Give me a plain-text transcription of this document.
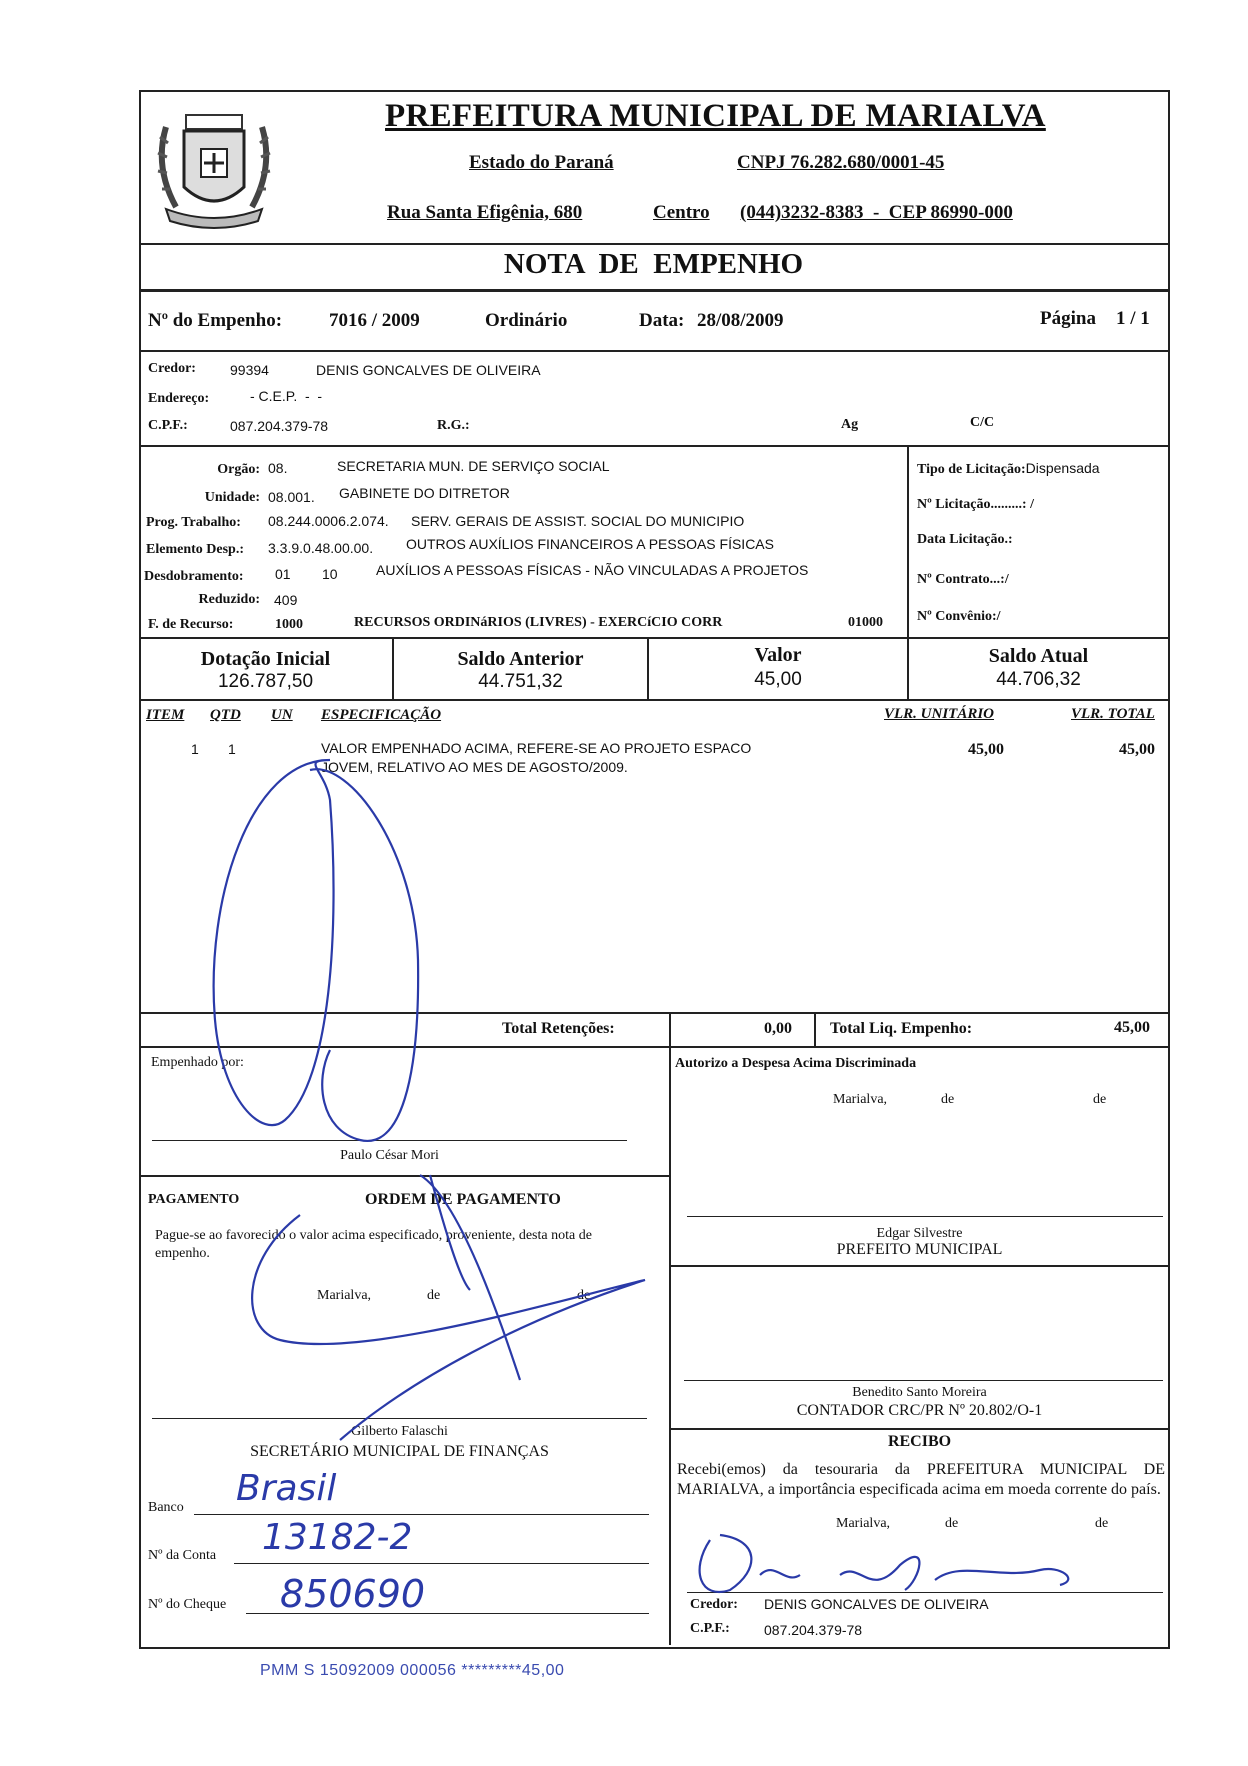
PREFEITURA MUNICIPAL DE MARIALVA
Estado do Paraná	CNPJ 76.282.680/0001-45
Rua Santa Efigênia, 680	Centro (044)3232-8383  -  CEP 86990-000
NOTA  DE  EMPENHO
Nº do Empenho: 7016 / 2009	Ordinário	Data: 28/08/2009	Página 1 / 1
Credor: 99394	DENIS GONCALVES DE OLIVEIRA
Endereço:	- C.E.P.  -  -
C.P.F.:	087.204.379-78	R.G.:	Ag	C/C
Orgão: 08.	SECRETARIA MUN. DE SERVIÇO SOCIAL
Unidade: 08.001. GABINETE DO DITRETOR
Prog. Trabalho: 08.244.0006.2.074. SERV. GERAIS DE ASSIST. SOCIAL DO MUNICIPIO
Elemento Desp.: 3.3.9.0.48.00.00. OUTROS AUXÍLIOS FINANCEIROS A PESSOAS FÍSICAS
Desdobramento: 01 10	AUXÍLIOS A PESSOAS FÍSICAS - NÃO VINCULADAS A PROJETOS
Reduzido: 409
F. de Recurso:	1000	RECURSOS ORDINáRIOS (LIVRES) - EXERCíCIO CORR	01000
Tipo de Licitação:Dispensada
Nº Licitação.........: /
Data Licitação.:
Nº Contrato...:/
Nº Convênio:/
Dotação Inicial
126.787,50
Saldo Anterior
44.751,32
Valor
45,00
Saldo Atual
44.706,32
ITEM QTD UN ESPECIFICAÇÃO	VLR. UNITÁRIO	VLR. TOTAL
1 1	VALOR EMPENHADO ACIMA, REFERE-SE AO PROJETO ESPACO
JOVEM, RELATIVO AO MES DE AGOSTO/2009.
45,00	45,00
Total Retenções:	0,00 Total Liq. Empenho:	45,00
Empenhado por:
Paulo César Mori
Autorizo a Despesa Acima Discriminada
Marialva,	de	de
Edgar Silvestre
PREFEITO MUNICIPAL
Benedito Santo Moreira
CONTADOR CRC/PR Nº 20.802/O-1
PAGAMENTO	ORDEM DE PAGAMENTO
Pague-se ao favorecido o valor acima especificado, proveniente, desta nota de empenho.
Marialva,	de	de
Gilberto Falaschi
SECRETÁRIO MUNICIPAL DE FINANÇAS
Banco Brasil
Nº da Conta 13182-2
Nº do Cheque 850690
RECIBO
Recebi(emos) da tesouraria da PREFEITURA MUNICIPAL DE MARIALVA, a importância especificada acima em moeda corrente do país.
Marialva,	de	de
Credor: DENIS GONCALVES DE OLIVEIRA
C.P.F.: 087.204.379-78
PMM S 15092009 000056 *********45,00
